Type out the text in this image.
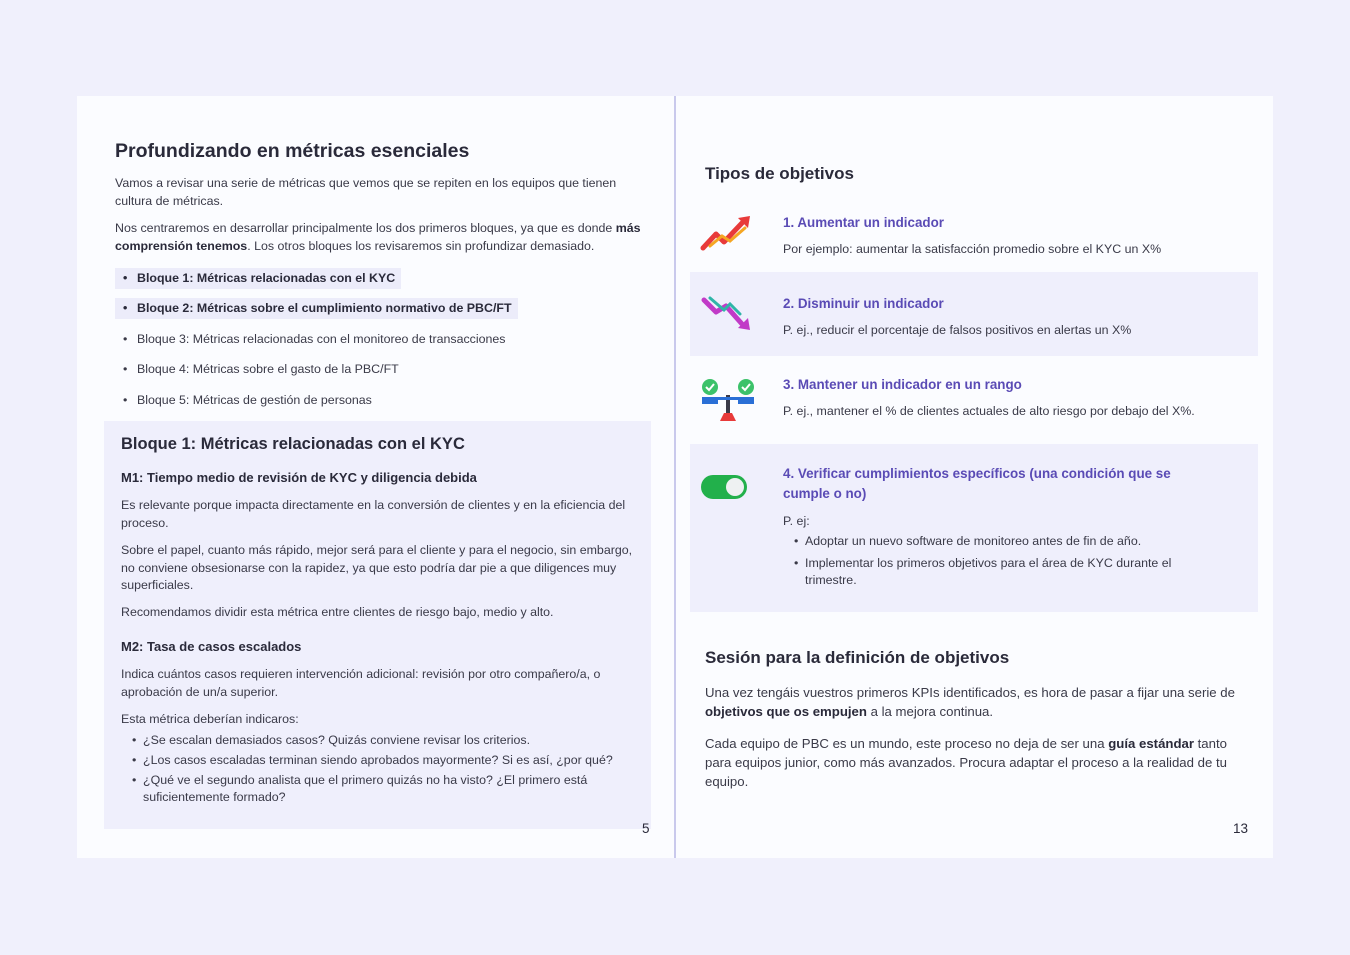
Profundizando en métricas esenciales

Vamos a revisar una serie de métricas que vemos que se repiten en los equipos que tienen cultura de métricas.

Nos centraremos en desarrollar principalmente los dos primeros bloques, ya que es donde más comprensión tenemos. Los otros bloques los revisaremos sin profundizar demasiado.

• Bloque 1: Métricas relacionadas con el KYC
• Bloque 2: Métricas sobre el cumplimiento normativo de PBC/FT
• Bloque 3: Métricas relacionadas con el monitoreo de transacciones
• Bloque 4: Métricas sobre el gasto de la PBC/FT
• Bloque 5: Métricas de gestión de personas
Bloque 1: Métricas relacionadas con el KYC
M1: Tiempo medio de revisión de KYC y diligencia debida

Es relevante porque impacta directamente en la conversión de clientes y en la eficiencia del proceso.

Sobre el papel, cuanto más rápido, mejor será para el cliente y para el negocio, sin embargo, no conviene obsesionarse con la rapidez, ya que esto podría dar pie a que diligences muy superficiales.

Recomendamos dividir esta métrica entre clientes de riesgo bajo, medio y alto.

M2: Tasa de casos escalados

Indica cuántos casos requieren intervención adicional: revisión por otro compañero/a, o aprobación de un/a superior.

Esta métrica deberían indicaros:

• ¿Se escalan demasiados casos? Quizás conviene revisar los criterios.
• ¿Los casos escaladas terminan siendo aprobados mayormente? Si es así, ¿por qué?
• ¿Qué ve el segundo analista que el primero quizás no ha visto? ¿El primero está suficientemente formado?
5
Tipos de objetivos

1. Aumentar un indicador

Por ejemplo: aumentar la satisfacción promedio sobre el KYC un X%

2. Disminuir un indicador

P. ej., reducir el porcentaje de falsos positivos en alertas un X%

3. Mantener un indicador en un rango

P. ej., mantener el % de clientes actuales de alto riesgo por debajo del X%.

4. Verificar cumplimientos específicos (una condición que se cumple o no)

P. ej:

• Adoptar un nuevo software de monitoreo antes de fin de año.
• Implementar los primeros objetivos para el área de KYC durante el trimestre.
Sesión para la definición de objetivos

Una vez tengáis vuestros primeros KPIs identificados, es hora de pasar a fijar una serie de objetivos que os empujen a la mejora continua.

Cada equipo de PBC es un mundo, este proceso no deja de ser una guía estándar tanto para equipos junior, como más avanzados. Procura adaptar el proceso a la realidad de tu equipo.

13
